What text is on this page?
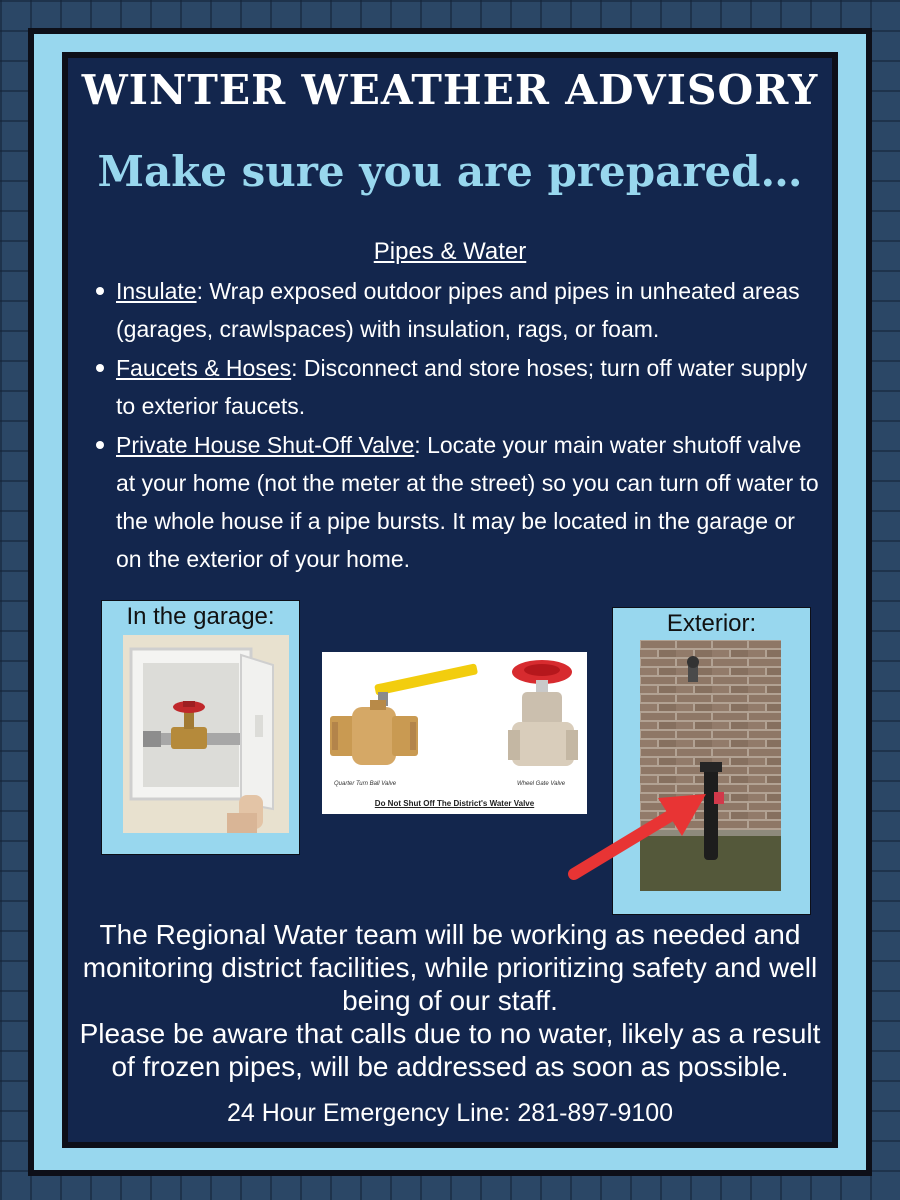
WINTER WEATHER ADVISORY
Make sure you are prepared…
Pipes & Water
Insulate: Wrap exposed outdoor pipes and pipes in unheated areas (garages, crawlspaces) with insulation, rags, or foam.
Faucets & Hoses: Disconnect and store hoses; turn off water supply to exterior faucets.
Private House Shut-Off Valve: Locate your main water shutoff valve at your home (not the meter at the street) so you can turn off water to the whole house if a pipe bursts. It may be located in the garage or on the exterior of your home.
In the garage:
Quarter Turn Ball Valve	Wheel Gate Valve
Do Not Shut Off The District's Water Valve
Exterior:

The Regional Water team will be working as needed and monitoring district facilities, while prioritizing safety and well being of our staff.
Please be aware that calls due to no water, likely as a result of frozen pipes, will be addressed as soon as possible.

24 Hour Emergency Line: 281-897-9100
